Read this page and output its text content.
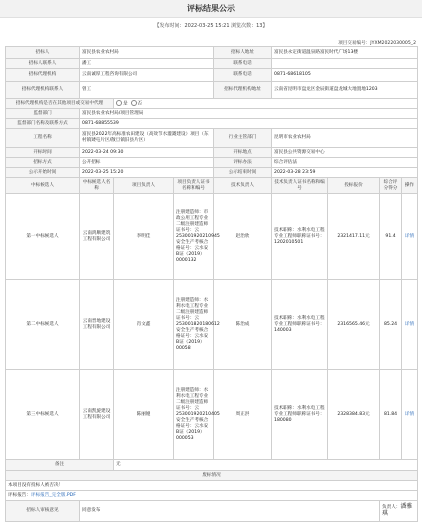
评标结果公示
【发布时间：2022-03-25 15:21 浏览次数：13】
项目交易编号：JYXM2022030005_2
招标人	富民县农业农村局			招标人地址	富民县永定街道温泉路富民时代广场13楼			
招标人联系人	潘工			联系电话				
招标代理机构	云南诚厚工程咨询有限公司			联系电话	0871-68618105			
招标代理机构联系人	曾工			招标代理机构地址	云南省昆明市盘龙区金辰街道盘龙城大地置地1203			
招标代理机构是否在其他项目或交易中代理		是 否						
监督部门	富民县农业农村局/项目管理局							
监督部门名称及联系方式	0871-68855539							
工程名称	富民县2022年高标准农田建设（高效节水灌溉建设）项目（东村镇矮屯片区/散旦镇旧县片区）			行业主管部门	昆明市农业农村局			
开标时间	2022-03-24 09:30			开标地点	富民县公共资源交易中心			
招标方式	公开招标			评标办法	综合评估法			
公示开始时间	2022-03-25 15:20			公示结束时间	2022-03-28 23:59			
中标候选人	中标候选人名称	项目负责人	项目负责人证书名称和编号	技术负责人	技术负责人证书名称和编号	投标报价	综合评分得分	操作
第一中标候选人	云南鸿顺建筑工程有限公司	李明佳	注册建造师：市政公用工程专业二级注册建造师证书号：云253001920210945安全生产考核合格证号：云水安B证（2019）0000132	赵治欣	技术职称：水利水电工程专业工程师职称证书号：1202010501	2321417.11元	91.4	详情
第二中标候选人	云南晋地建设工程有限公司	肖文鑫	注册建造师：水利水电工程专业二级注册建造师证书号：云253001820180612安全生产考核合格证号：云水安B证（2019）00058	陈治成	技术职称：水利水电工程专业工程师职称证书号：140003	2316565.46元	85.24	详情
第三中标候选人	云南凯旋建设工程有限公司	陈丽娅	注册建造师：水利水电工程专业二级注册建造师证书号：云253001920210405安全生产考核合格证号：云水安B证（2019）000053	周正洪	技术职称：水利水电工程专业工程师职称证书号：180080	2328384.83元	81.84	详情
备注		无						
废标情况								
本项目没有投标人被否决！								
评标报告：评标报告_完全版.PDF								
招标人审核意见	同意发布						负责人：潘雅琪	
